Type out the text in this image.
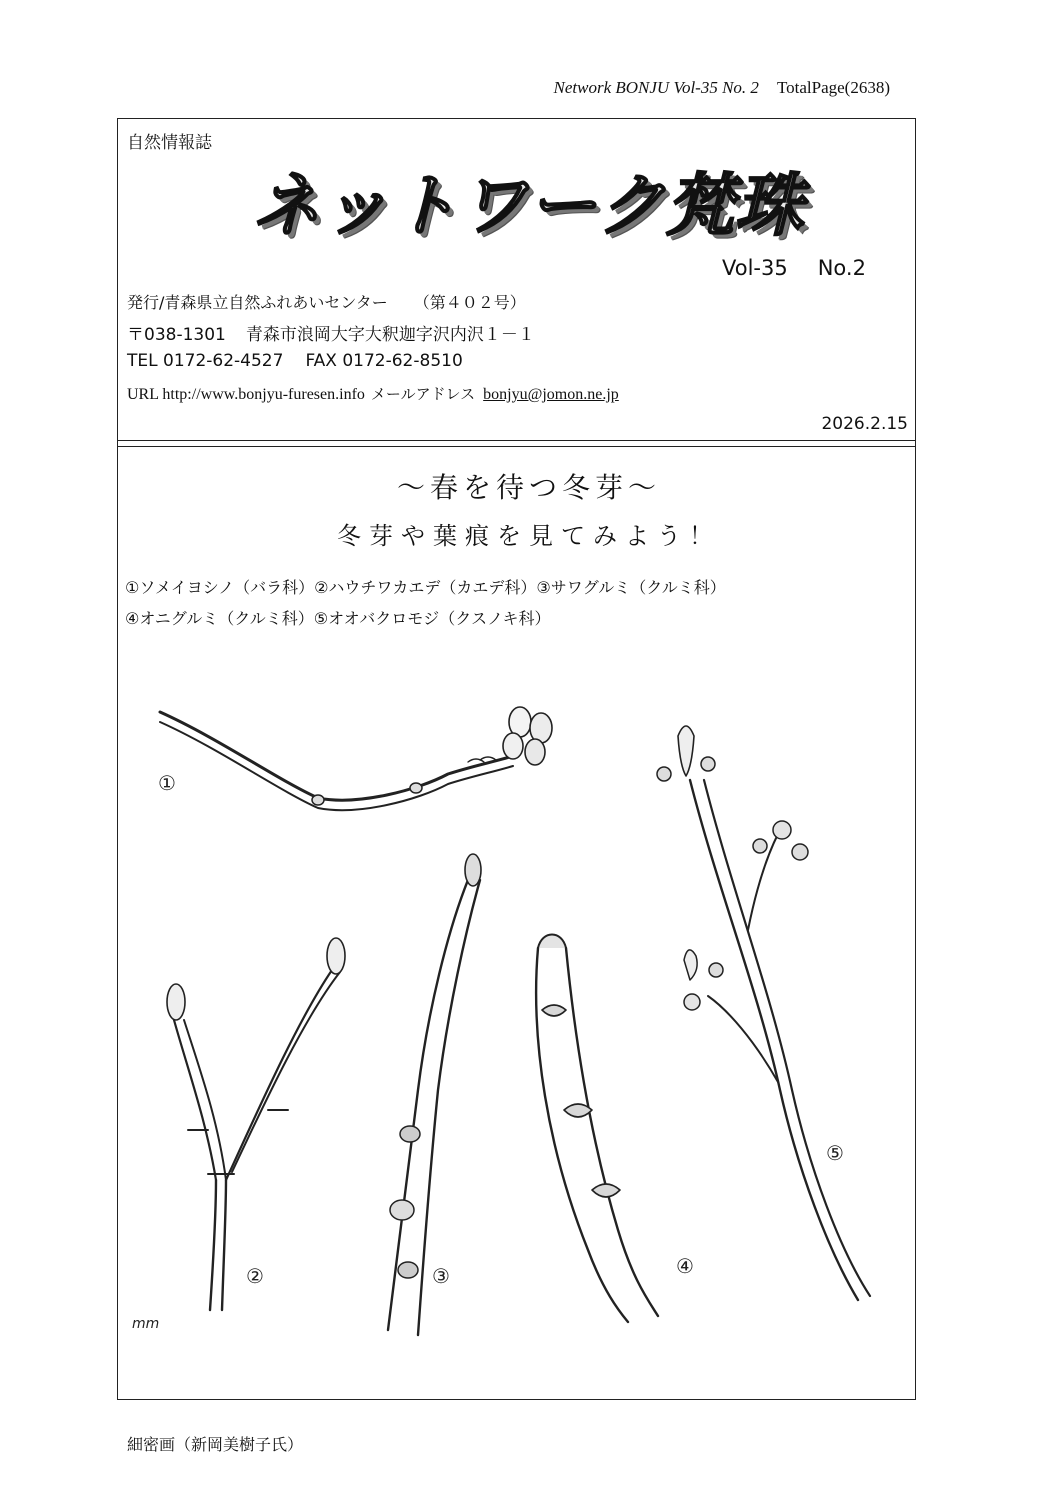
Network BONJU Vol-35 No. 2 TotalPage(2638)
自然情報誌
ネットワーク梵珠
Vol-35 No.2
発行/青森県立自然ふれあいセンター （第４０２号）
〒038-1301 青森市浪岡大字大釈迦字沢内沢１－１
TEL 0172-62-4527 FAX 0172-62-8510
URL http://www.bonjyu-furesen.info メールアドレス bonjyu@jomon.ne.jp
2026.2.15
～春を待つ冬芽～
冬芽や葉痕を見てみよう！
①ソメイヨシノ（バラ科）②ハウチワカエデ（カエデ科）③サワグルミ（クルミ科）
④オニグルミ（クルミ科）⑤オオバクロモジ（クスノキ科）
①
②	③	④
⑤
mm
細密画（新岡美樹子氏）
